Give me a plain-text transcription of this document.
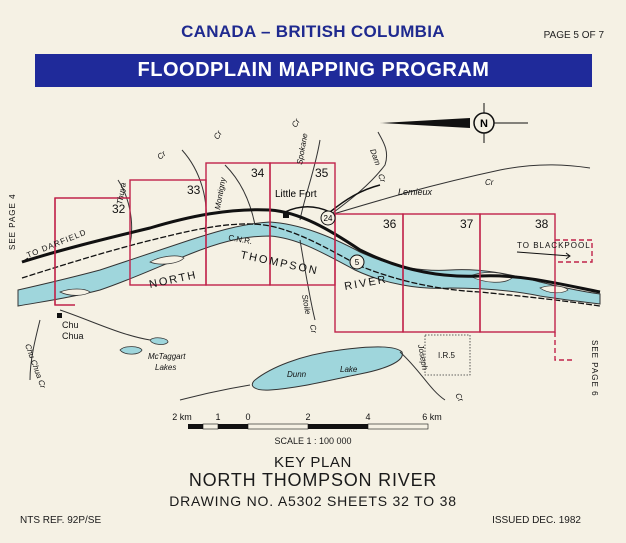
CANADA – BRITISH COLUMBIA	PAGE 5 OF 7
FLOODPLAIN MAPPING PROGRAM
32
33
34	35
36	37	38
Little Fort
24
5
NORTH
THOMPSON
RIVER
Thuya	Montigny
Cr
Cr	Spokane
Cr
Dam
Cr
Lemieux
Cr
Stoile
Cr
Chu Chua Cr
Cr
Chu
Chua
McTaggart
Lakes
Dunn
Lake
I.R.5
Joseph
C.N.R.
TO DARFIELD	TO BLACKPOOL
SEE PAGE 4
SEE PAGE 6
N
2 km	1	0	2	4	6 km
SCALE 1 : 100 000
KEY PLAN
NORTH THOMPSON RIVER
DRAWING NO. A5302 SHEETS 32 TO 38
NTS REF. 92P/SE	ISSUED DEC. 1982
